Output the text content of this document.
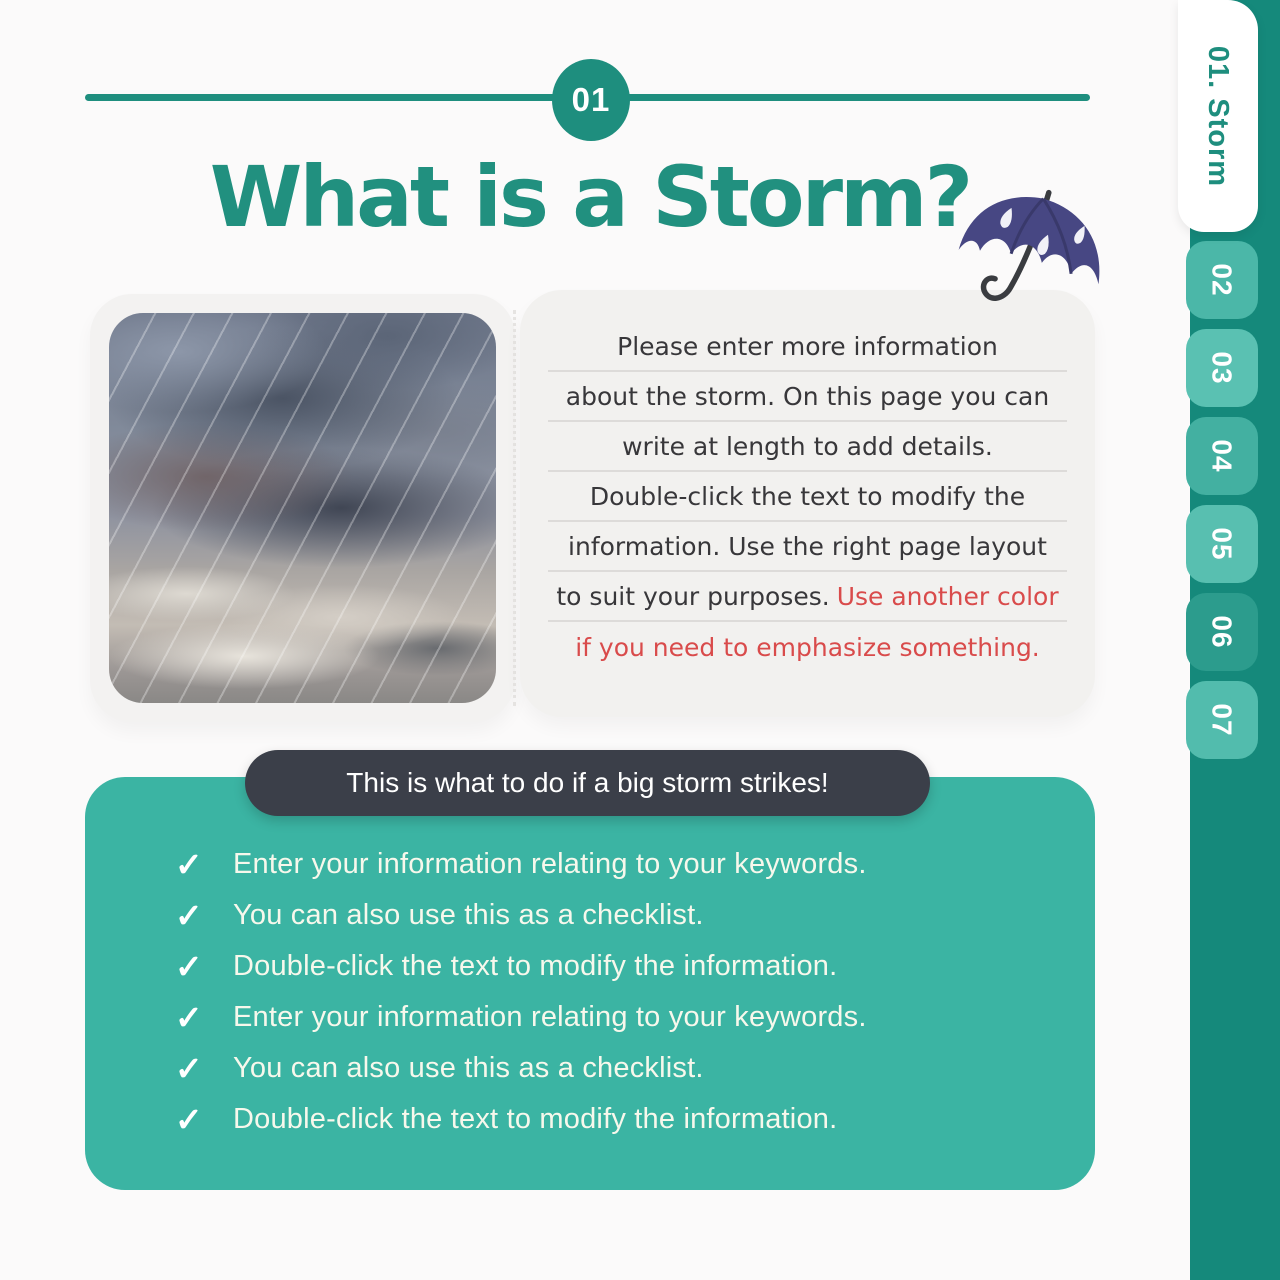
01. Storm
02
03
04
05
06
07
01
What is a Storm?
Please enter more information
about the storm. On this page you can
write at length to add details.
Double-click the text to modify the
information. Use the right page layout
to suit your purposes. Use another color
if you need to emphasize something.
This is what to do if a big storm strikes!
✓	Enter your information relating to your keywords.
✓	You can also use this as a checklist.
✓	Double-click the text to modify the information.
✓	Enter your information relating to your keywords.
✓	You can also use this as a checklist.
✓	Double-click the text to modify the information.
